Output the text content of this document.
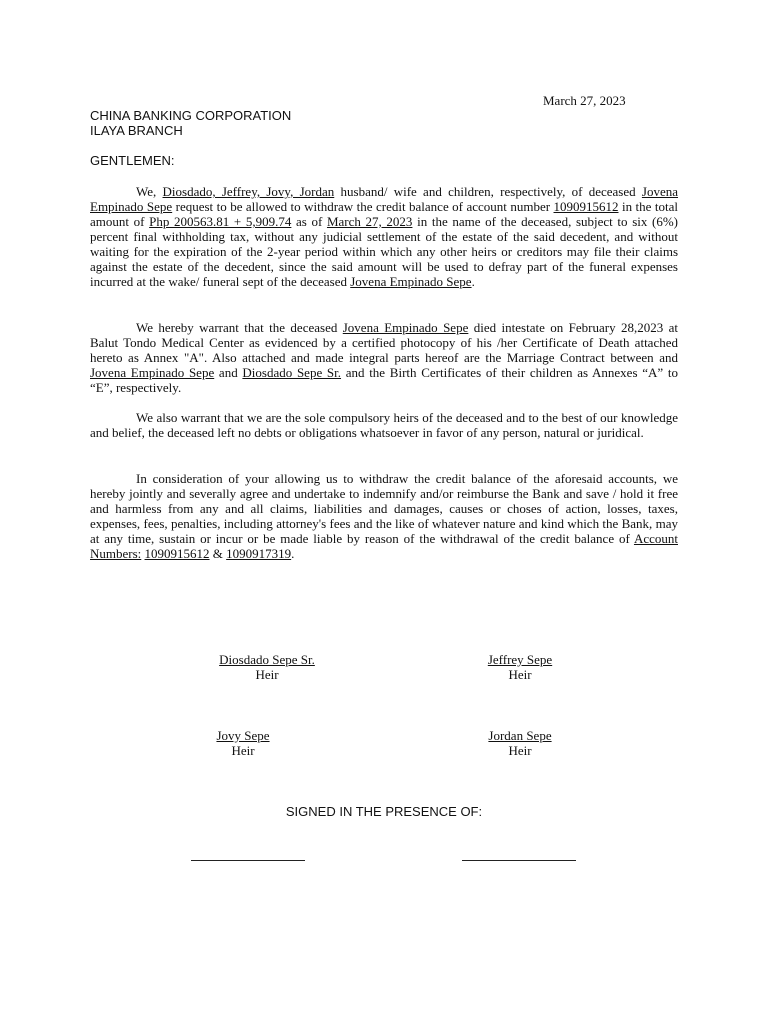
March 27, 2023
CHINA BANKING CORPORATION
ILAYA BRANCH
GENTLEMEN:

We, Diosdado, Jeffrey, Jovy, Jordan husband/ wife and children, respectively, of deceased Jovena Empinado Sepe request to be allowed to withdraw the credit balance of account number 1090915612 in the total amount of Php 200563.81 + 5,909.74 as of March 27, 2023 in the name of the deceased, subject to six (6%) percent final withholding tax, without any judicial settlement of the estate of the said decedent, and without waiting for the expiration of the 2-year period within which any other heirs or creditors may file their claims against the estate of the decedent, since the said amount will be used to defray part of the funeral expenses incurred at the wake/ funeral sept of the deceased Jovena Empinado Sepe.

We hereby warrant that the deceased Jovena Empinado Sepe died intestate on February 28,2023 at Balut Tondo Medical Center as evidenced by a certified photocopy of his /her Certificate of Death attached hereto as Annex "A". Also attached and made integral parts hereof are the Marriage Contract between and Jovena Empinado Sepe and Diosdado Sepe Sr. and the Birth Certificates of their children as Annexes “A” to “E”, respectively.

We also warrant that we are the sole compulsory heirs of the deceased and to the best of our knowledge and belief, the deceased left no debts or obligations whatsoever in favor of any person, natural or juridical.

In consideration of your allowing us to withdraw the credit balance of the aforesaid accounts, we hereby jointly and severally agree and undertake to indemnify and/or reimburse the Bank and save / hold it free and harmless from any and all claims, liabilities and damages, causes or choses of action, losses, taxes, expenses, fees, penalties, including attorney's fees and the like of whatever nature and kind which the Bank, may at any time, sustain or incur or be made liable by reason of the withdrawal of the credit balance of Account Numbers: 1090915612 & 1090917319.

Diosdado Sepe Sr.
Heir
Jeffrey Sepe
Heir
Jovy Sepe
Heir
Jordan Sepe
Heir
SIGNED IN THE PRESENCE OF:
